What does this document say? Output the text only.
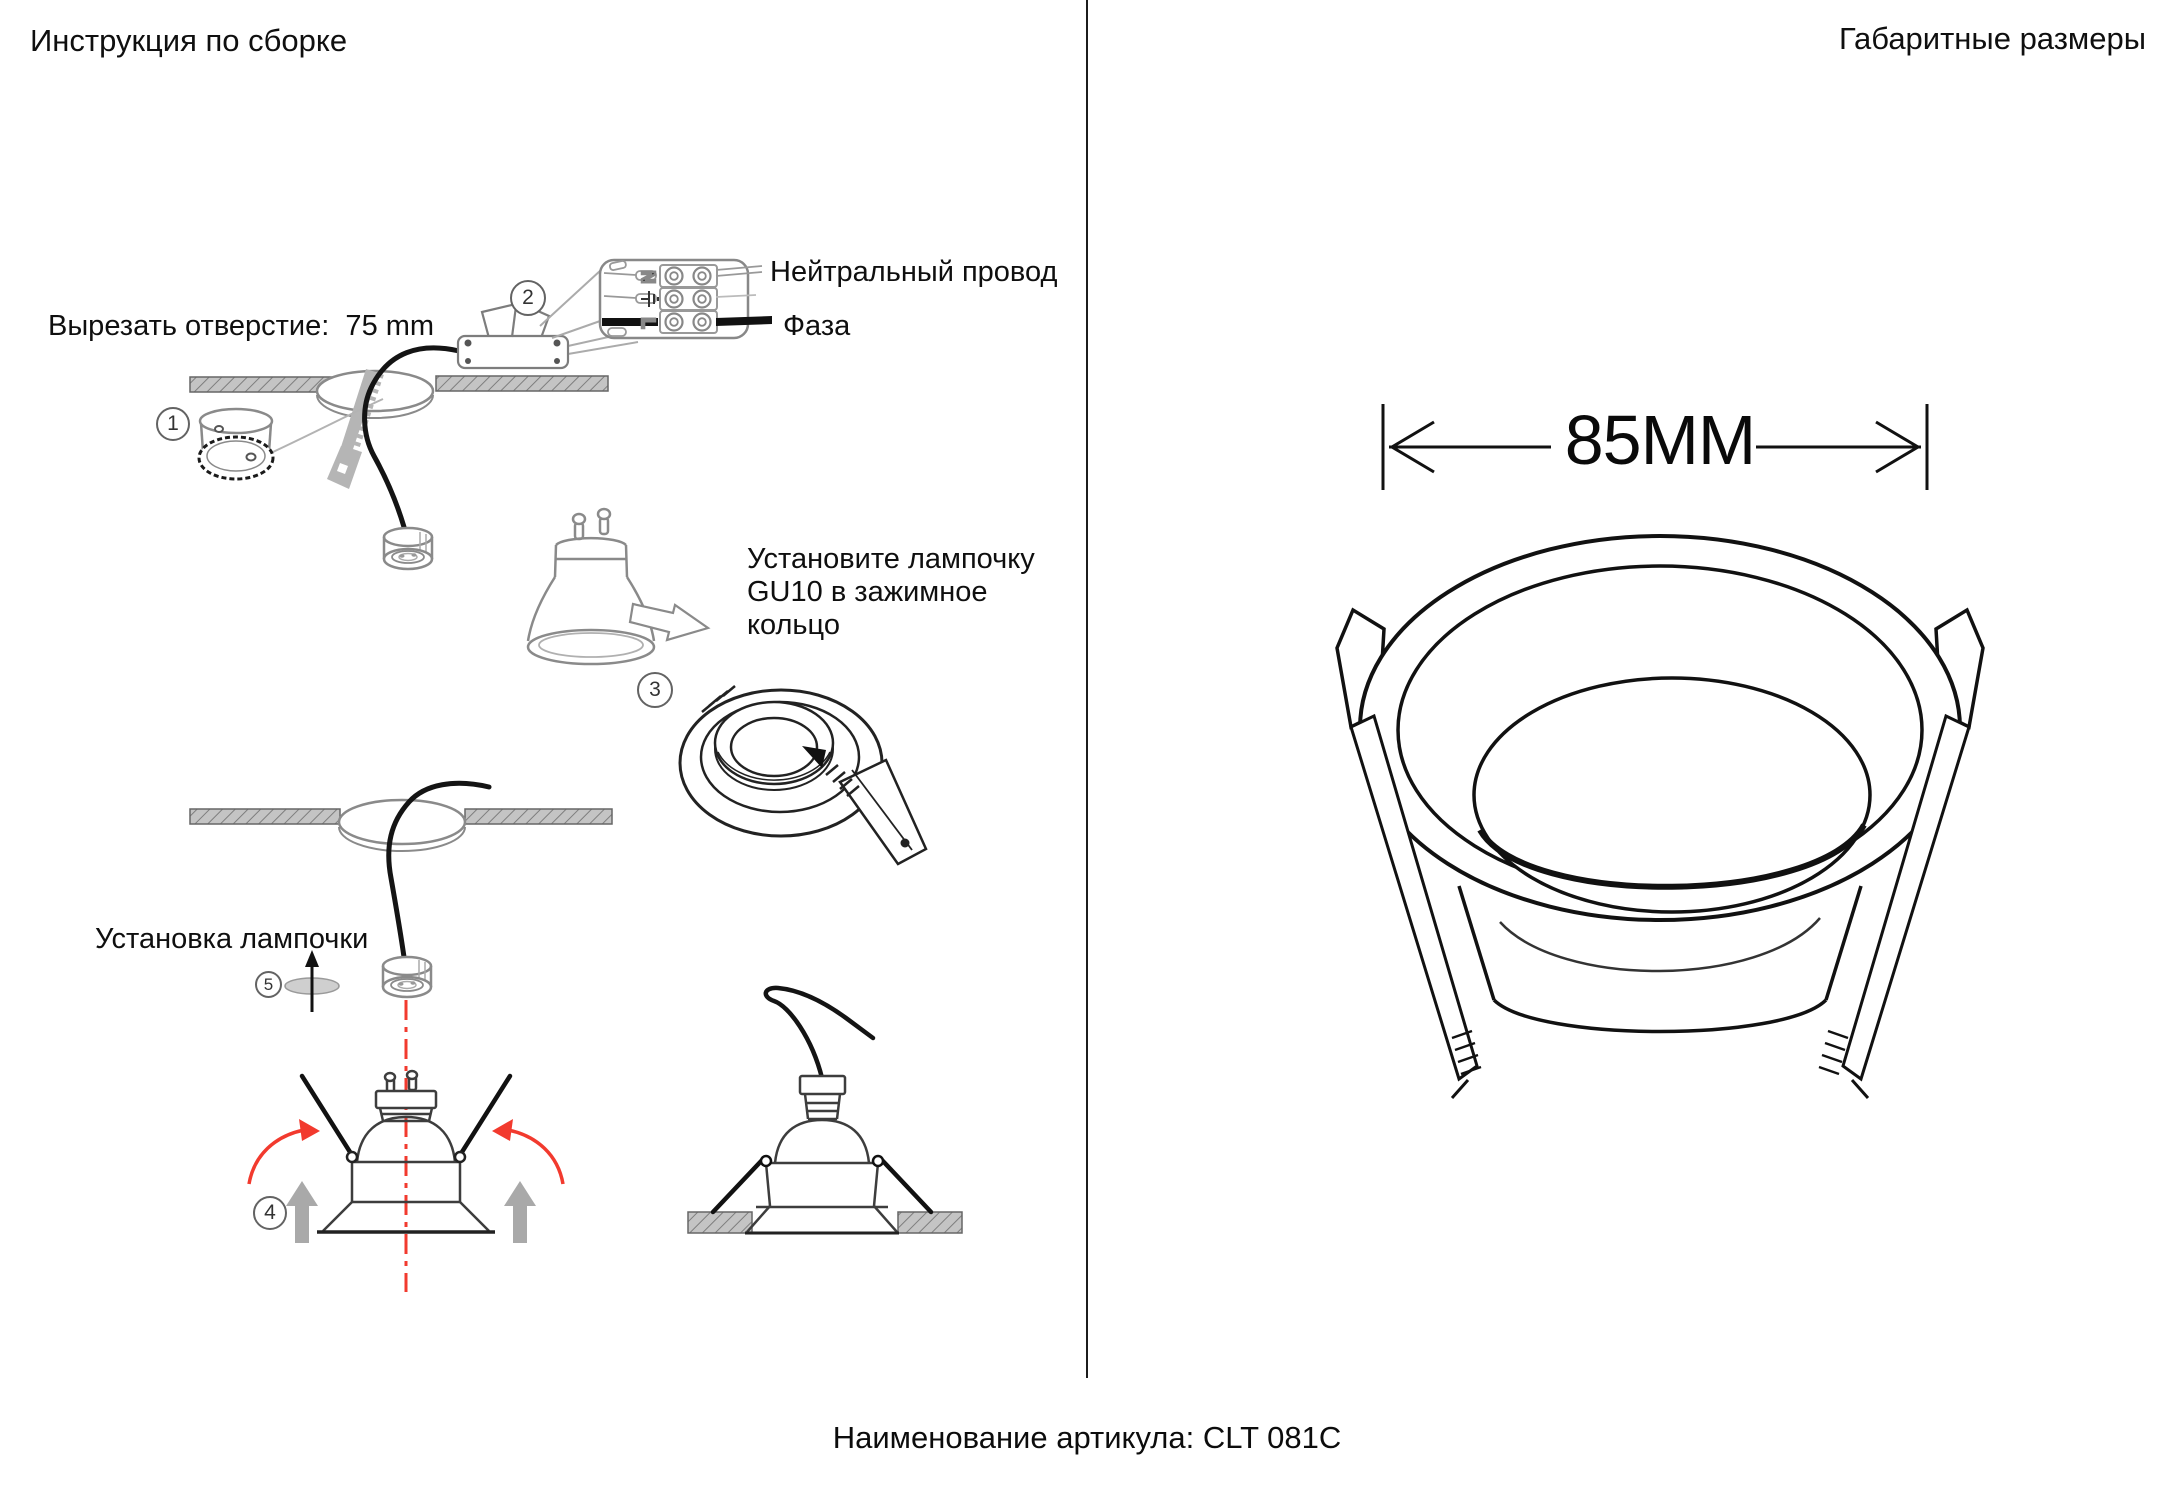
N
L
Инструкция по сборке	Габаритные размеры
Вырезать отверстие:  75 mm
Нейтральный провод
Фаза
Установите лампочку
GU10 в зажимное
кольцо
Установка лампочки
1
2
3
4
5
85MM
Наименование артикула: CLT 081C
